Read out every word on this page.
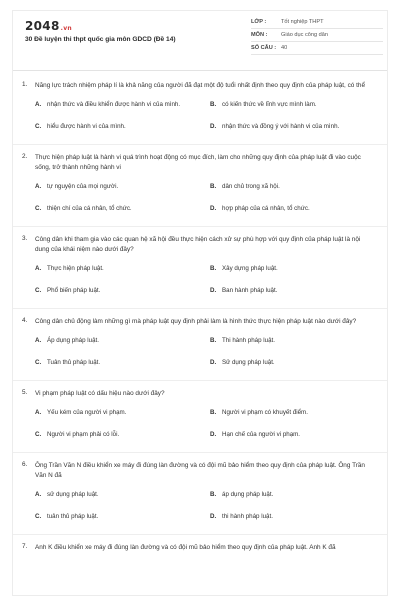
2048.vn
30 Đề luyện thi thpt quốc gia môn GDCD (Đề 14)
LỚP :	Tốt nghiệp THPT
MÔN :	Giáo dục công dân
SỐ CÂU : 40
1. Năng lực trách nhiệm pháp lí là khả năng của người đã đạt một độ tuổi nhất định theo quy định của pháp luật, có thể
A. nhận thức và điều khiển được hành vi của mình.	B. có kiến thức về lĩnh vực mình làm.
C. hiểu được hành vi của mình.	D. nhận thức và đồng ý với hành vi của mình.
2. Thực hiện pháp luật là hành vi quá trình hoạt động có mục đích, làm cho những quy định của pháp luật đi vào cuộc sống, trở thành những hành vi
A. tự nguyện của mọi người.	B. dân chủ trong xã hội.
C. thiện chí của cá nhân, tổ chức.	D. hợp pháp của cá nhân, tổ chức.
3. Công dân khi tham gia vào các quan hệ xã hội đều thực hiện cách xử sự phù hợp với quy định của pháp luật là nội dung của khái niệm nào dưới đây?
A. Thực hiện pháp luật.	B. Xây dựng pháp luật.
C. Phổ biến pháp luật.	D. Ban hành pháp luật.
4. Công dân chủ động làm những gì mà pháp luật quy định phải làm là hình thức thực hiện pháp luật nào dưới đây?
A. Áp dụng pháp luật.	B. Thi hành pháp luật.
C. Tuân thủ pháp luật.	D. Sử dụng pháp luật.
5. Vi phạm pháp luật có dấu hiệu nào dưới đây?
A. Yếu kém của người vi phạm.	B. Người vi phạm có khuyết điểm.
C. Người vi phạm phải có lỗi.	D. Hạn chế của người vi phạm.
6. Ông Trần Văn N điều khiển xe máy đi đúng làn đường và có đội mũ bảo hiểm theo quy định của pháp luật. Ông Trần Văn N đã
A. sử dụng pháp luật.	B. áp dụng pháp luật.
C. tuân thủ pháp luật.	D. thi hành pháp luật.
7. Anh K điều khiển xe máy đi đúng làn đường và có đội mũ bảo hiểm theo quy định của pháp luật. Anh K đã
